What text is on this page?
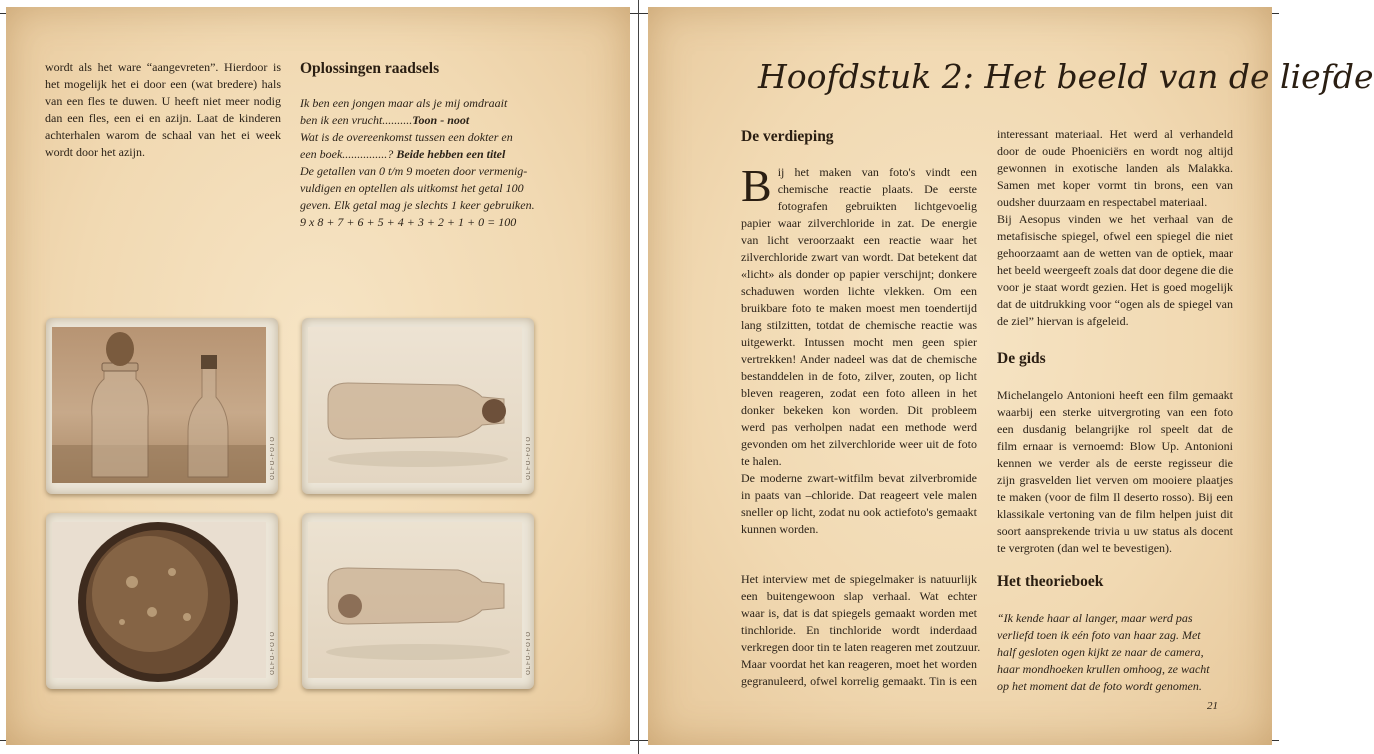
wordt als het ware “aangevreten”. Hierdoor is
het mogelijk het ei door een (wat bredere) hals
van een fles te duwen. U heeft niet meer nodig
dan een fles, een ei en azijn. Laat de kinderen
achterhalen warom de schaal van het ei week
wordt door het azijn.
Oplossingen raadsels
Ik ben een jongen maar als je mij omdraait
ben ik een vrucht..........Toon - noot
Wat is de overeenkomst tussen een dokter en
een boek...............? Beide hebben een titel
De getallen van 0 t/m 9 moeten door vermenig-
vuldigen en optellen als uitkomst het getal 100
geven. Elk getal mag je slechts 1 keer gebruiken.
9 x 8 + 7 + 6 + 5 + 4 + 3 + 2 + 1 + 0 = 100
OLFO-FOTO	OLFO-FOTO
OLFO-FOTO	OLFO-FOTO
Hoofdstuk 2: Het beeld van de liefde
De verdieping
B ij het maken van foto's vindt een
chemische reactie plaats. De eerste
fotografen gebruikten lichtgevoelig
papier waar zilverchloride in zat. De energie
van licht veroorzaakt een reactie waar het
zilverchloride zwart van wordt. Dat betekent dat
«licht» als donder op papier verschijnt; donkere
schaduwen worden lichte vlekken. Om een
bruikbare foto te maken moest men toendertijd
lang stilzitten, totdat de chemische reactie was
uitgewerkt. Intussen mocht men geen spier
vertrekken! Ander nadeel was dat de chemische
bestanddelen in de foto, zilver, zouten, op licht
bleven reageren, zodat een foto alleen in het
donker bekeken kon worden. Dit probleem
werd pas verholpen nadat een methode werd
gevonden om het zilverchloride weer uit de foto
te halen.
De moderne zwart-witfilm bevat zilverbromide
in paats van –chloride. Dat reageert vele malen
sneller op licht, zodat nu ook actiefoto's gemaakt
kunnen worden.
Het interview met de spiegelmaker is natuurlijk
een buitengewoon slap verhaal. Wat echter
waar is, dat is dat spiegels gemaakt worden met
tinchloride. En tinchloride wordt inderdaad
verkregen door tin te laten reageren met zoutzuur.
Maar voordat het kan reageren, moet het worden
gegranuleerd, ofwel korrelig gemaakt. Tin is een
interessant materiaal. Het werd al verhandeld
door de oude Phoeniciërs en wordt nog altijd
gewonnen in exotische landen als Malakka.
Samen met koper vormt tin brons, een van
oudsher duurzaam en respectabel materiaal.
Bij Aesopus vinden we het verhaal van de
metafisische spiegel, ofwel een spiegel die niet
gehoorzaamt aan de wetten van de optiek, maar
het beeld weergeeft zoals dat door degene die die
voor je staat wordt gezien. Het is goed mogelijk
dat de uitdrukking voor “ogen als de spiegel van
de ziel” hiervan is afgeleid.
De gids
Michelangelo Antonioni heeft een film gemaakt
waarbij een sterke uitvergroting van een foto
een dusdanig belangrijke rol speelt dat de
film ernaar is vernoemd: Blow Up. Antonioni
kennen we verder als de eerste regisseur die
zijn grasvelden liet verven om mooiere plaatjes
te maken (voor de film Il deserto rosso). Bij een
klassikale vertoning van de film helpen juist dit
soort aansprekende trivia u uw status als docent
te vergroten (dan wel te bevestigen).
Het theorieboek
“Ik kende haar al langer, maar werd pas
verliefd toen ik eén foto van haar zag. Met
half gesloten ogen kijkt ze naar de camera,
haar mondhoeken krullen omhoog, ze wacht
op het moment dat de foto wordt genomen.
21
